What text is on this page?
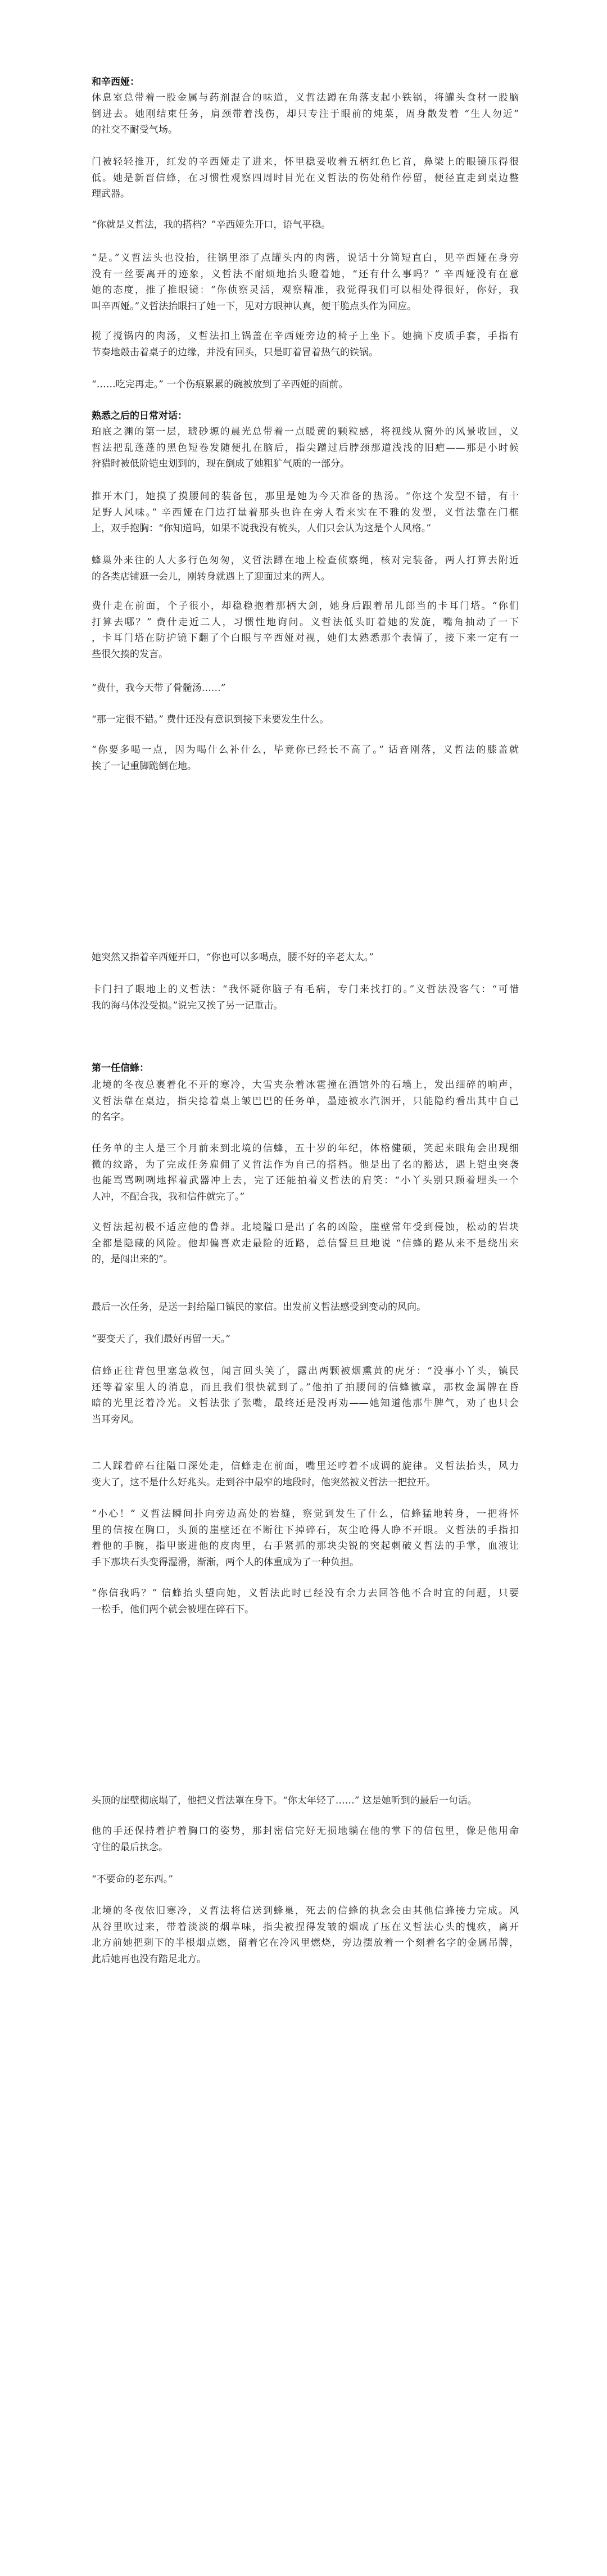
和辛西娅：
休息室总带着一股金属与药剂混合的味道，义哲法蹲在角落支起小铁锅，将罐头食材一股脑
倒进去。她刚结束任务，肩颈带着浅伤，却只专注于眼前的炖菜，周身散发着 “生人勿近”
的社交不耐受气场。
门被轻轻推开，红发的辛西娅走了进来，怀里稳妥收着五柄红色匕首，鼻梁上的眼镜压得很
低。她是新晋信蜂，在习惯性观察四周时目光在义哲法的伤处稍作停留，便径直走到桌边整
理武器。
“你就是义哲法，我的搭档？”辛西娅先开口，语气平稳。
“是。”义哲法头也没抬，往锅里添了点罐头内的肉酱，说话十分简短直白，见辛西娅在身旁
没有一丝要离开的迹象，义哲法不耐烦地抬头瞪着她，“还有什么事吗？” 辛西娅没有在意
她的态度，推了推眼镜：“你侦察灵活，观察精准，我觉得我们可以相处得很好，你好，我
叫辛西娅。”义哲法抬眼扫了她一下，见对方眼神认真，便干脆点头作为回应。
搅了搅锅内的肉汤，义哲法扣上锅盖在辛西娅旁边的椅子上坐下。她摘下皮质手套，手指有
节奏地敲击着桌子的边缘，并没有回头，只是盯着冒着热气的铁锅。
“……吃完再走。” 一个伤痕累累的碗被放到了辛西娅的面前。
熟悉之后的日常对话：
珀底之渊的第一层，琥砂塬的晨光总带着一点暖黄的颗粒感，将视线从窗外的风景收回，义
哲法把乱蓬蓬的黑色短卷发随便扎在脑后，指尖蹭过后脖颈那道浅浅的旧疤——那是小时候
狩猎时被低阶铠虫划到的，现在倒成了她粗犷气质的一部分。
推开木门，她摸了摸腰间的装备包，那里是她为今天准备的热汤。“你这个发型不错，有十
足野人风味。” 辛西娅在门边打量着那头也许在旁人看来实在不雅的发型，义哲法靠在门框
上，双手抱胸：“你知道吗，如果不说我没有梳头，人们只会认为这是个人风格。”
蜂巢外来往的人大多行色匆匆，义哲法蹲在地上检查侦察绳，核对完装备，两人打算去附近
的各类店铺逛一会儿，刚转身就遇上了迎面过来的两人。
费什走在前面，个子很小，却稳稳抱着那柄大剑，她身后跟着吊儿郎当的卡耳门塔。“你们
打算去哪？” 费什走近二人，习惯性地询问。义哲法低头盯着她的发旋，嘴角抽动了一下
，卡耳门塔在防护镜下翻了个白眼与辛西娅对视，她们太熟悉那个表情了，接下来一定有一
些很欠揍的发言。
“费什，我今天带了骨髓汤……”
“那一定很不错。” 费什还没有意识到接下来要发生什么。
“你要多喝一点，因为喝什么补什么，毕竟你已经长不高了。” 话音刚落，义哲法的膝盖就
挨了一记重脚跪倒在地。
她突然又指着辛西娅开口，“你也可以多喝点，腰不好的辛老太太。”
卡门扫了眼地上的义哲法：“我怀疑你脑子有毛病，专门来找打的。”义哲法没客气：“可惜
我的海马体没受损。”说完又挨了另一记重击。
第一任信蜂：
北境的冬夜总裹着化不开的寒冷，大雪夹杂着冰雹撞在酒馆外的石墙上，发出细碎的响声，
义哲法靠在桌边，指尖捻着桌上皱巴巴的任务单，墨迹被水汽洇开，只能隐约看出其中自己
的名字。
任务单的主人是三个月前来到北境的信蜂，五十岁的年纪，体格健硕，笑起来眼角会出现细
微的纹路，为了完成任务雇佣了义哲法作为自己的搭档。他是出了名的豁达，遇上铠虫突袭
也能骂骂咧咧地挥着武器冲上去，完了还能拍着义哲法的肩笑：“小丫头别只顾着埋头一个
人冲，不配合我，我和信件就完了。”
义哲法起初极不适应他的鲁莽。北境隘口是出了名的凶险，崖壁常年受到侵蚀，松动的岩块
全都是隐藏的风险。他却偏喜欢走最险的近路，总信誓旦旦地说 “信蜂的路从来不是绕出来
的，是闯出来的”。
最后一次任务，是送一封给隘口镇民的家信。出发前义哲法感受到变动的风向。
“要变天了，我们最好再留一天。”
信蜂正往背包里塞急救包，闻言回头笑了，露出两颗被烟熏黄的虎牙：“没事小丫头，镇民
还等着家里人的消息，而且我们很快就到了。”他拍了拍腰间的信蜂徽章，那枚金属牌在昏
暗的光里泛着冷光。义哲法张了张嘴，最终还是没再劝——她知道他那牛脾气，劝了也只会
当耳旁风。
二人踩着碎石往隘口深处走，信蜂走在前面，嘴里还哼着不成调的旋律。义哲法抬头，风力
变大了，这不是什么好兆头。走到谷中最窄的地段时，他突然被义哲法一把拉开。
“小心！” 义哲法瞬间扑向旁边高处的岩缝，察觉到发生了什么，信蜂猛地转身，一把将怀
里的信按在胸口，头顶的崖壁还在不断往下掉碎石，灰尘呛得人睁不开眼。义哲法的手指扣
着他的手腕，指甲嵌进他的皮肉里，右手紧抓的那块尖锐的突起刺破义哲法的手掌，血液让
手下那块石头变得湿滑，渐渐，两个人的体重成为了一种负担。
“你信我吗？” 信蜂抬头望向她，义哲法此时已经没有余力去回答他不合时宜的问题，只要
一松手，他们两个就会被埋在碎石下。
头顶的崖壁彻底塌了，他把义哲法罩在身下。“你太年轻了……” 这是她听到的最后一句话。
他的手还保持着护着胸口的姿势，那封密信完好无损地躺在他的掌下的信包里，像是他用命
守住的最后执念。
“不要命的老东西。”
北境的冬夜依旧寒冷，义哲法将信送到蜂巢，死去的信蜂的执念会由其他信蜂接力完成。风
从谷里吹过来，带着淡淡的烟草味，指尖被捏得发皱的烟成了压在义哲法心头的愧疚，离开
北方前她把剩下的半根烟点燃，留着它在冷风里燃烧，旁边摆放着一个刻着名字的金属吊牌，
此后她再也没有踏足北方。
